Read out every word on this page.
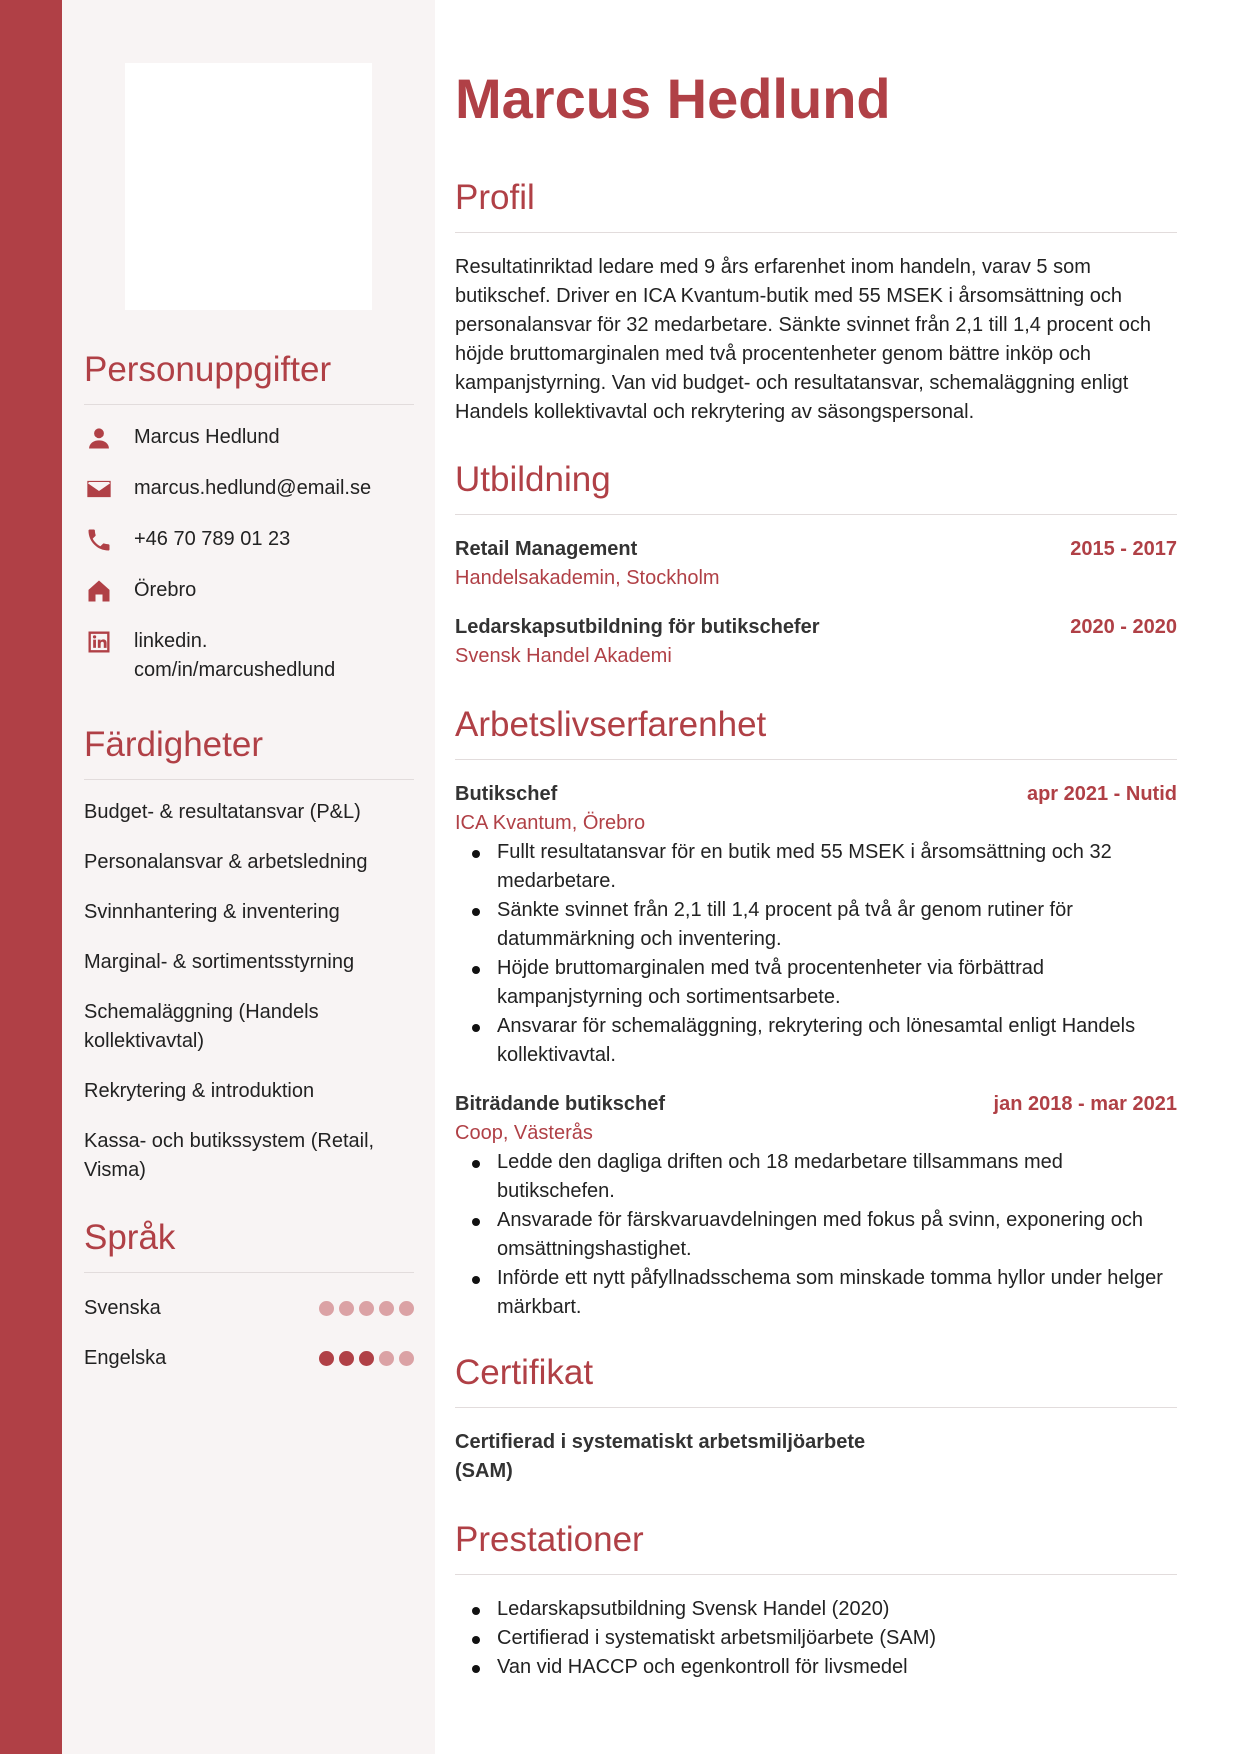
Personuppgifter
Marcus Hedlund
marcus.hedlund@email.se
+46 70 789 01 23
Örebro
linkedin.
com/in/marcushedlund
Färdigheter
Budget- & resultatansvar (P&L)
Personalansvar & arbetsledning
Svinnhantering & inventering
Marginal- & sortimentsstyrning
Schemaläggning (Handels kollektivavtal)
Rekrytering & introduktion
Kassa- och butikssystem (Retail, Visma)
Språk
Svenska
Engelska
Marcus Hedlund
Profil

Resultatinriktad ledare med 9 års erfarenhet inom handeln, varav 5 som butikschef. Driver en ICA Kvantum-butik med 55 MSEK i årsomsättning och personalansvar för 32 medarbetare. Sänkte svinnet från 2,1 till 1,4 procent och höjde bruttomarginalen med två procentenheter genom bättre inköp och kampanjstyrning. Van vid budget- och resultatansvar, schemaläggning enligt Handels kollektivavtal och rekrytering av säsongspersonal.

Utbildning
Retail Management	2015 - 2017
Handelsakademin, Stockholm
Ledarskapsutbildning för butikschefer	2020 - 2020
Svensk Handel Akademi
Arbetslivserfarenhet
Butikschef	apr 2021 - Nutid
ICA Kvantum, Örebro
Fullt resultatansvar för en butik med 55 MSEK i årsomsättning och 32 medarbetare.
Sänkte svinnet från 2,1 till 1,4 procent på två år genom rutiner för datummärkning och inventering.
Höjde bruttomarginalen med två procentenheter via förbättrad kampanjstyrning och sortimentsarbete.
Ansvarar för schemaläggning, rekrytering och lönesamtal enligt Handels kollektivavtal.
Biträdande butikschef	jan 2018 - mar 2021
Coop, Västerås
Ledde den dagliga driften och 18 medarbetare tillsammans med butikschefen.
Ansvarade för färskvaruavdelningen med fokus på svinn, exponering och omsättningshastighet.
Införde ett nytt påfyllnadsschema som minskade tomma hyllor under helger märkbart.
Certifikat
Certifierad i systematiskt arbetsmiljöarbete (SAM)
Prestationer
Ledarskapsutbildning Svensk Handel (2020)
Certifierad i systematiskt arbetsmiljöarbete (SAM)
Van vid HACCP och egenkontroll för livsmedel
